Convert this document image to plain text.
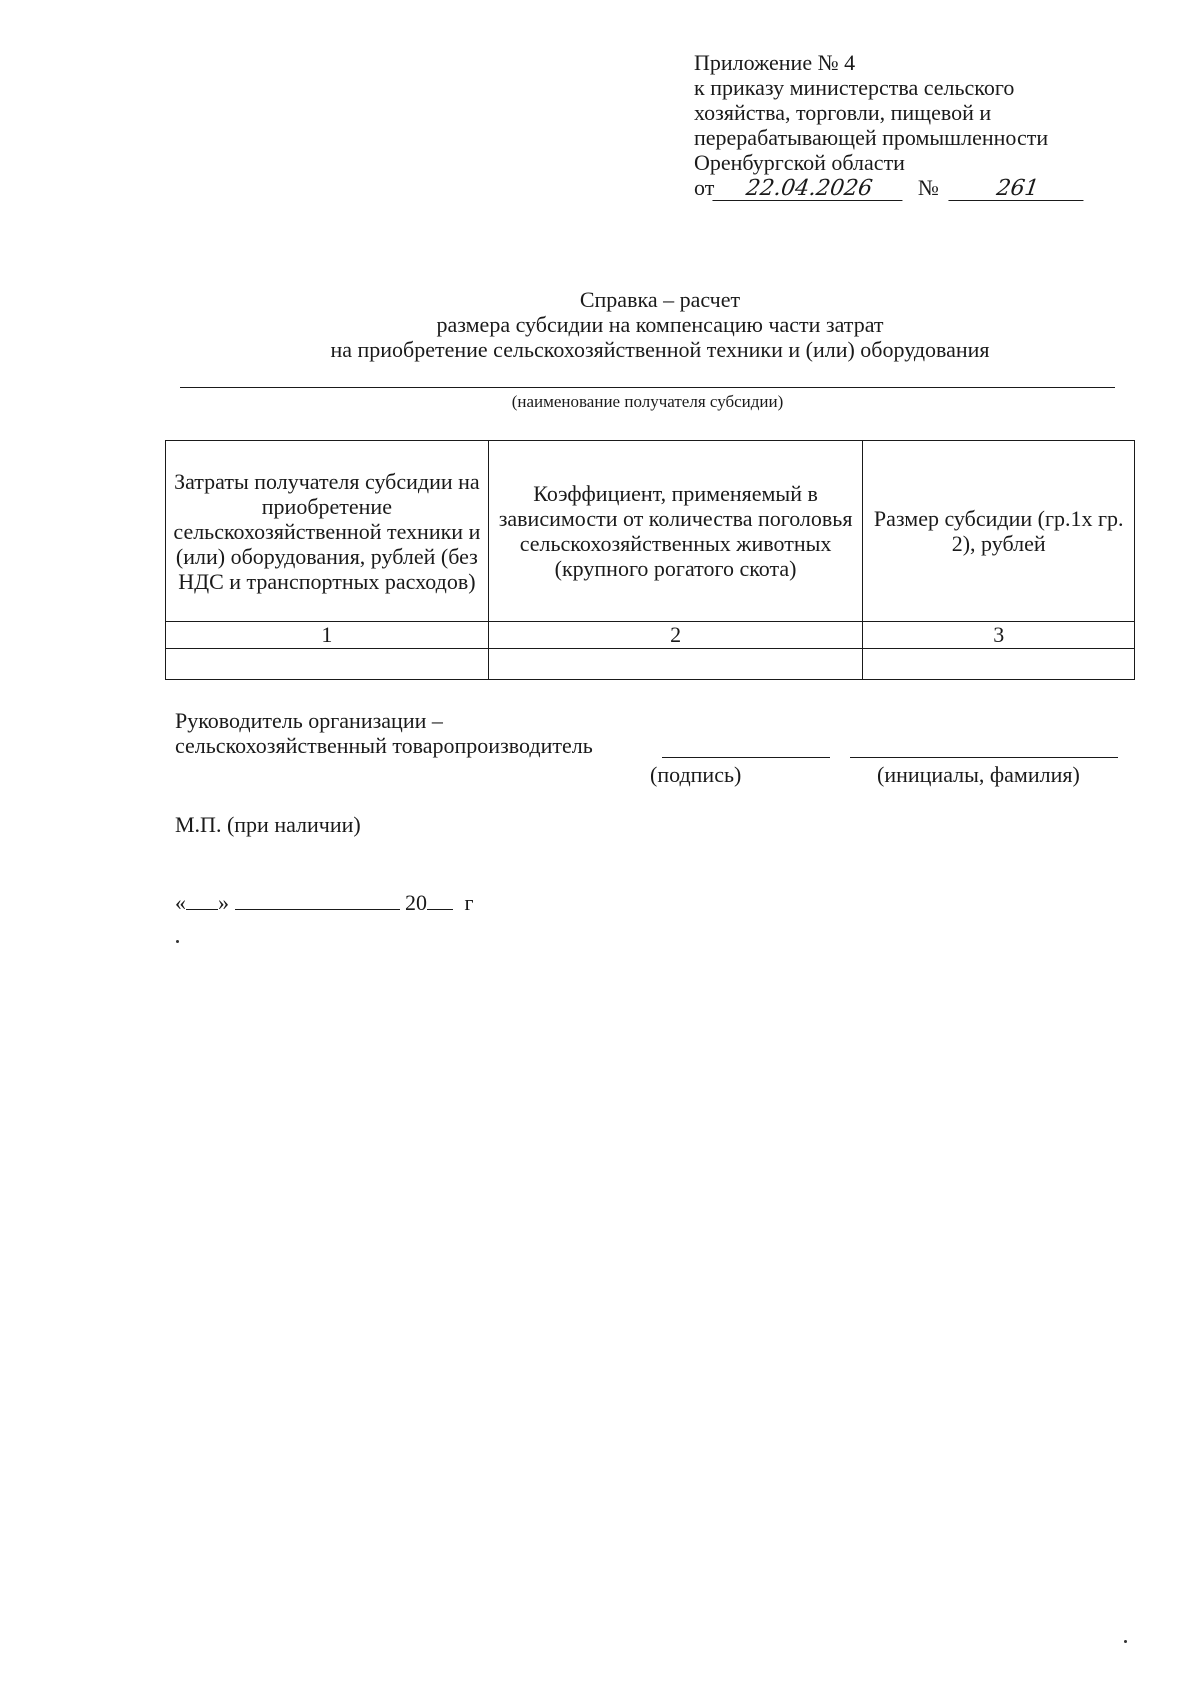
Приложение № 4
к приказу министерства сельского
хозяйства, торговли, пищевой и
перерабатывающей промышленности
Оренбургской области
от 22.04.2026 №	261
Справка – расчет
размера субсидии на компенсацию части затрат
на приобретение сельскохозяйственной техники и (или) оборудования
(наименование получателя субсидии)
Затраты получателя субсидии на приобретение сельскохозяйственной техники и (или) оборудования, рублей (без НДС и транспортных расходов)	Коэффициент, применяемый в зависимости от количества поголовья сельскохозяйственных животных (крупного рогатого скота)	Размер субсидии (гр.1х гр. 2), рублей
1	2	3

Руководитель организации –
сельскохозяйственный товаропроизводитель
(подпись)	(инициалы, фамилия)
М.П. (при наличии)
« »	20 г
